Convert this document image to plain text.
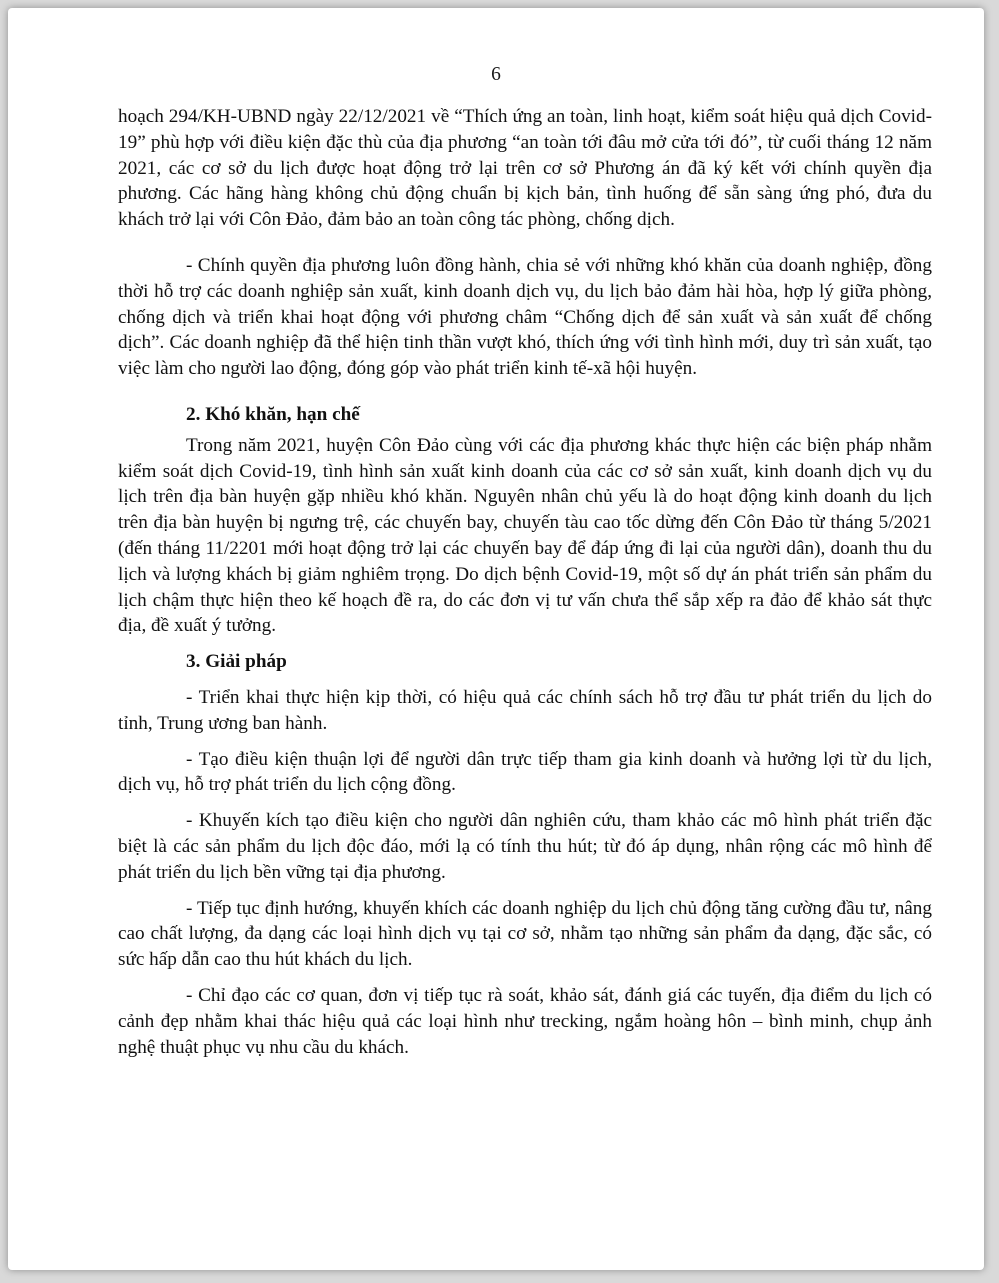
6

hoạch 294/KH-UBND ngày 22/12/2021 về “Thích ứng an toàn, linh hoạt, kiểm soát hiệu quả dịch Covid-19” phù hợp với điều kiện đặc thù của địa phương “an toàn tới đâu mở cửa tới đó”, từ cuối tháng 12 năm 2021, các cơ sở du lịch được hoạt động trở lại trên cơ sở Phương án đã ký kết với chính quyền địa phương. Các hãng hàng không chủ động chuẩn bị kịch bản, tình huống để sẵn sàng ứng phó, đưa du khách trở lại với Côn Đảo, đảm bảo an toàn công tác phòng, chống dịch.

- Chính quyền địa phương luôn đồng hành, chia sẻ với những khó khăn của doanh nghiệp, đồng thời hỗ trợ các doanh nghiệp sản xuất, kinh doanh dịch vụ, du lịch bảo đảm hài hòa, hợp lý giữa phòng, chống dịch và triển khai hoạt động với phương châm “Chống dịch để sản xuất và sản xuất để chống dịch”. Các doanh nghiệp đã thể hiện tinh thần vượt khó, thích ứng với tình hình mới, duy trì sản xuất, tạo việc làm cho người lao động, đóng góp vào phát triển kinh tế-xã hội huyện.

2. Khó khăn, hạn chế

Trong năm 2021, huyện Côn Đảo cùng với các địa phương khác thực hiện các biện pháp nhằm kiểm soát dịch Covid-19, tình hình sản xuất kinh doanh của các cơ sở sản xuất, kinh doanh dịch vụ du lịch trên địa bàn huyện gặp nhiều khó khăn. Nguyên nhân chủ yếu là do hoạt động kinh doanh du lịch trên địa bàn huyện bị ngưng trệ, các chuyến bay, chuyến tàu cao tốc dừng đến Côn Đảo từ tháng 5/2021 (đến tháng 11/2201 mới hoạt động trở lại các chuyến bay để đáp ứng đi lại của người dân), doanh thu du lịch và lượng khách bị giảm nghiêm trọng. Do dịch bệnh Covid-19, một số dự án phát triển sản phẩm du lịch chậm thực hiện theo kế hoạch đề ra, do các đơn vị tư vấn chưa thể sắp xếp ra đảo để khảo sát thực địa, đề xuất ý tưởng.

3. Giải pháp

- Triển khai thực hiện kịp thời, có hiệu quả các chính sách hỗ trợ đầu tư phát triển du lịch do tỉnh, Trung ương ban hành.

- Tạo điều kiện thuận lợi để người dân trực tiếp tham gia kinh doanh và hưởng lợi từ du lịch, dịch vụ, hỗ trợ phát triển du lịch cộng đồng.

- Khuyến kích tạo điều kiện cho người dân nghiên cứu, tham khảo các mô hình phát triển đặc biệt là các sản phẩm du lịch độc đáo, mới lạ có tính thu hút; từ đó áp dụng, nhân rộng các mô hình để phát triển du lịch bền vững tại địa phương.

- Tiếp tục định hướng, khuyến khích các doanh nghiệp du lịch chủ động tăng cường đầu tư, nâng cao chất lượng, đa dạng các loại hình dịch vụ tại cơ sở, nhằm tạo những sản phẩm đa dạng, đặc sắc, có sức hấp dẫn cao thu hút khách du lịch.

- Chỉ đạo các cơ quan, đơn vị tiếp tục rà soát, khảo sát, đánh giá các tuyến, địa điểm du lịch có cảnh đẹp nhằm khai thác hiệu quả các loại hình như trecking, ngắm hoàng hôn – bình minh, chụp ảnh nghệ thuật phục vụ nhu cầu du khách.
